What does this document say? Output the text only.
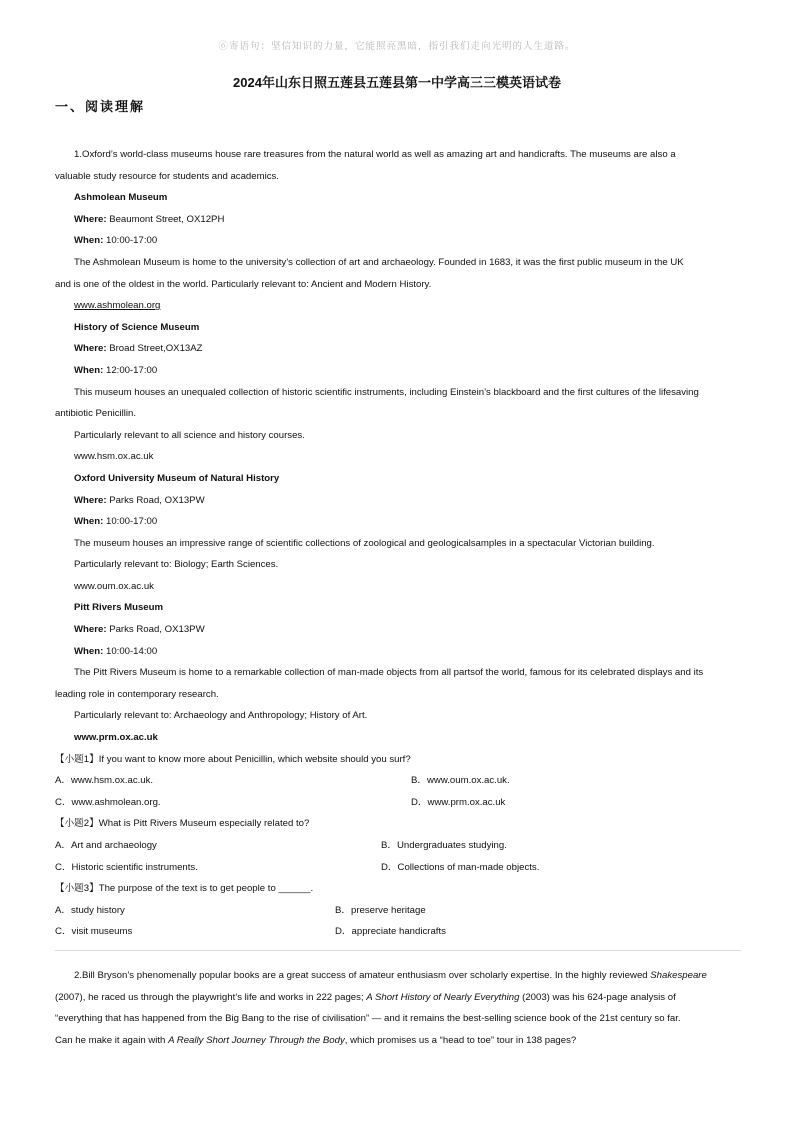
⑥寄语句：坚信知识的力量，它能照亮黑暗，指引我们走向光明的人生道路。
2024年山东日照五莲县五莲县第一中学高三三模英语试卷
一、阅读理解

1.Oxford’s world-class museums house rare treasures from the natural world as well as amazing art and handicrafts. The museums are also a

valuable study resource for students and academics.

Ashmolean Museum

Where: Beaumont Street, OX12PH

When: 10:00-17:00

The Ashmolean Museum is home to the university’s collection of art and archaeology. Founded in 1683, it was the first public museum in the UK

and is one of the oldest in the world. Particularly relevant to: Ancient and Modern History.

www.ashmolean.org

History of Science Museum

Where: Broad Street,OX13AZ

When: 12:00-17:00

This museum houses an unequaled collection of historic scientific instruments, including Einstein’s blackboard and the first cultures of the lifesaving

antibiotic Penicillin.

Particularly relevant to all science and history courses.

www.hsm.ox.ac.uk

Oxford University Museum of Natural History

Where: Parks Road, OX13PW

When: 10:00-17:00

The museum houses an impressive range of scientific collections of zoological and geologicalsamples in a spectacular Victorian building.

Particularly relevant to: Biology; Earth Sciences.

www.oum.ox.ac.uk

Pitt Rivers Museum

Where: Parks Road, OX13PW

When: 10:00-14:00

The Pitt Rivers Museum is home to a remarkable collection of man-made objects from all partsof the world, famous for its celebrated displays and its

leading role in contemporary research.

Particularly relevant to: Archaeology and Anthropology; History of Art.

www.prm.ox.ac.uk

【小题1】If you want to know more about Penicillin, which website should you surf?

A．www.hsm.ox.ac.uk.	B．www.oum.ox.ac.uk.
C．www.ashmolean.org.	D．www.prm.ox.ac.uk

【小题2】What is Pitt Rivers Museum especially related to?

A．Art and archaeology	B．Undergraduates studying.
C．Historic scientific instruments.	D．Collections of man-made objects.

【小题3】The purpose of the text is to get people to ______.

A．study history	B．preserve heritage
C．visit museums	D．appreciate handicrafts

2.Bill Bryson’s phenomenally popular books are a great success of amateur enthusiasm over scholarly expertise. In the highly reviewed Shakespeare

(2007), he raced us through the playwright’s life and works in 222 pages; A Short History of Nearly Everything (2003) was his 624-page analysis of

“everything that has happened from the Big Bang to the rise of civilisation” — and it remains the best-selling science book of the 21st century so far.

Can he make it again with A Really Short Journey Through the Body, which promises us a “head to toe” tour in 138 pages?
